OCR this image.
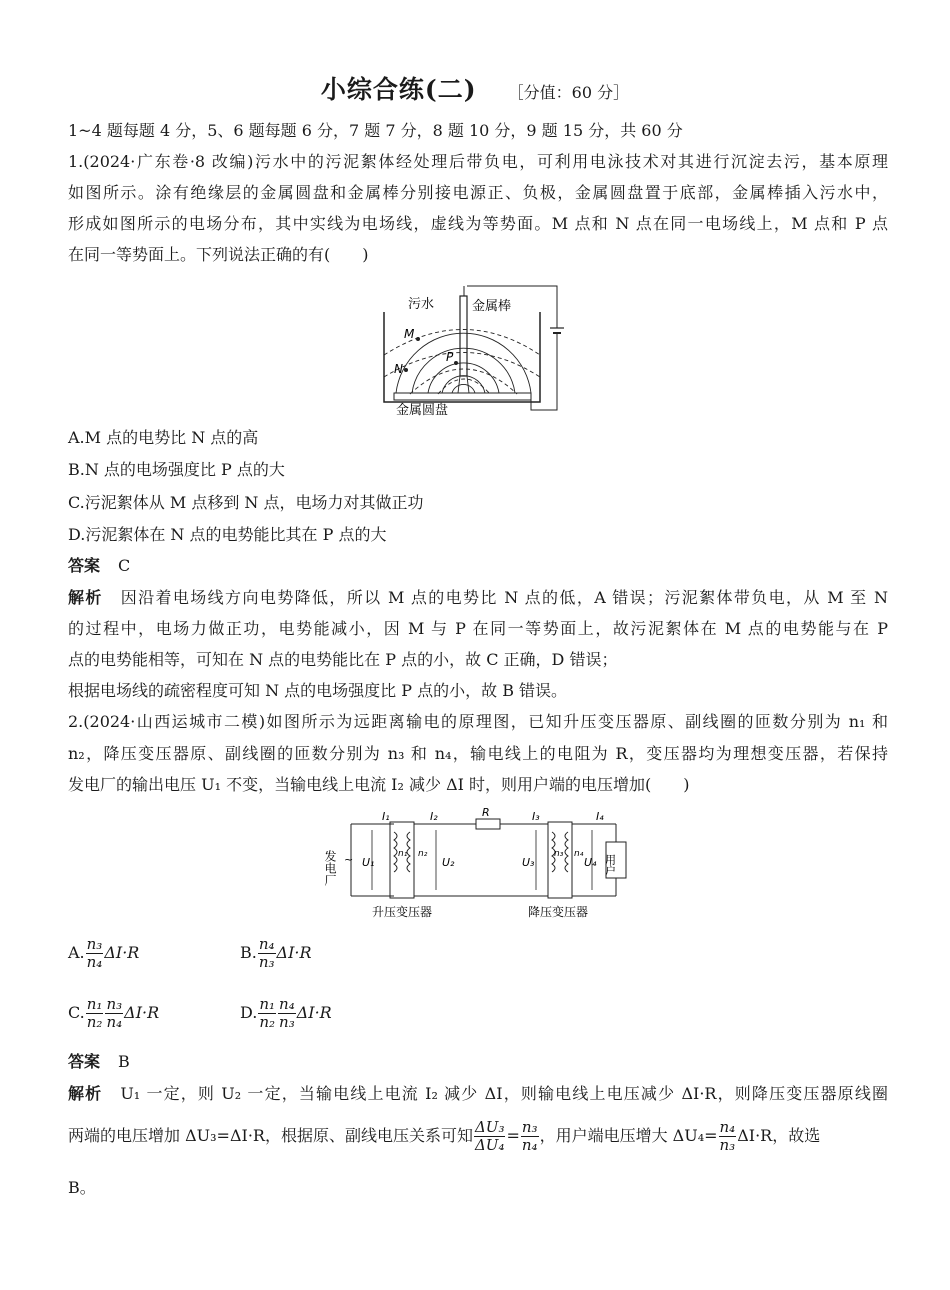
小综合练(二) ［分值：60 分］
1~4 题每题 4 分，5、6 题每题 6 分，7 题 7 分，8 题 10 分，9 题 15 分，共 60 分
1.(2024·广东卷·8 改编)污水中的污泥絮体经处理后带负电，可利用电泳技术对其进行沉淀去污，基本原理
如图所示。涂有绝缘层的金属圆盘和金属棒分别接电源正、负极，金属圆盘置于底部，金属棒插入污水中，
形成如图所示的电场分布，其中实线为电场线，虚线为等势面。M 点和 N 点在同一电场线上，M 点和 P 点
在同一等势面上。下列说法正确的有(　　)
M
N
P
污水	金属棒
金属圆盘
A.M 点的电势比 N 点的高
B.N 点的电场强度比 P 点的大
C.污泥絮体从 M 点移到 N 点，电场力对其做正功
D.污泥絮体在 N 点的电势能比其在 P 点的大
答案 C
解析 因沿着电场线方向电势降低，所以 M 点的电势比 N 点的低，A 错误；污泥絮体带负电，从 M 至 N
的过程中，电场力做正功，电势能减小，因 M 与 P 在同一等势面上，故污泥絮体在 M 点的电势能与在 P
点的电势能相等，可知在 N 点的电势能比在 P 点的小，故 C 正确，D 错误；
根据电场线的疏密程度可知 N 点的电场强度比 P 点的小，故 B 错误。
2.(2024·山西运城市二模)如图所示为远距离输电的原理图，已知升压变压器原、副线圈的匝数分别为 n₁ 和
n₂，降压变压器原、副线圈的匝数分别为 n₃ 和 n₄，输电线上的电阻为 R，变压器均为理想变压器，若保持
发电厂的输出电压 U₁ 不变，当输电线上电流 I₂ 减少 ΔI 时，则用户端的电压增加(　　)
~
发电厂 U₁
I₁
n₁ n₂
I₂
U₂
R	I₃
U₃
n₃ n₄
I₄
U₄ 用户
升压变压器	降压变压器
A. $\frac{\text{n₃}}{\text{n₄}} \Delta I\cdot R$	B. $\frac{\text{n₄}}{\text{n₃}} \Delta I\cdot R$
C. $\frac{\text{n₁}}{\text{n₂}} \frac{\text{n₃}}{\text{n₄}} \Delta I\cdot R$	D. $\frac{\text{n₁}}{\text{n₂}} \frac{\text{n₄}}{\text{n₃}} \Delta I\cdot R$
答案 B
解析 U₁ 一定，则 U₂ 一定，当输电线上电流 I₂ 减少 ΔI，则输电线上电压减少 ΔI·R，则降压变压器原线圈
两端的电压增加 ΔU₃=ΔI·R，根据原、副线电压关系可知 $\frac{\text{ΔU₃}}{\text{ΔU₄}} = \frac{\text{n₃}}{\text{n₄}}$ ，用户端电压增大 $\Delta U_4= \frac{\text{n₄}}{\text{n₃}} \Delta I\cdot R$，故选
B。
